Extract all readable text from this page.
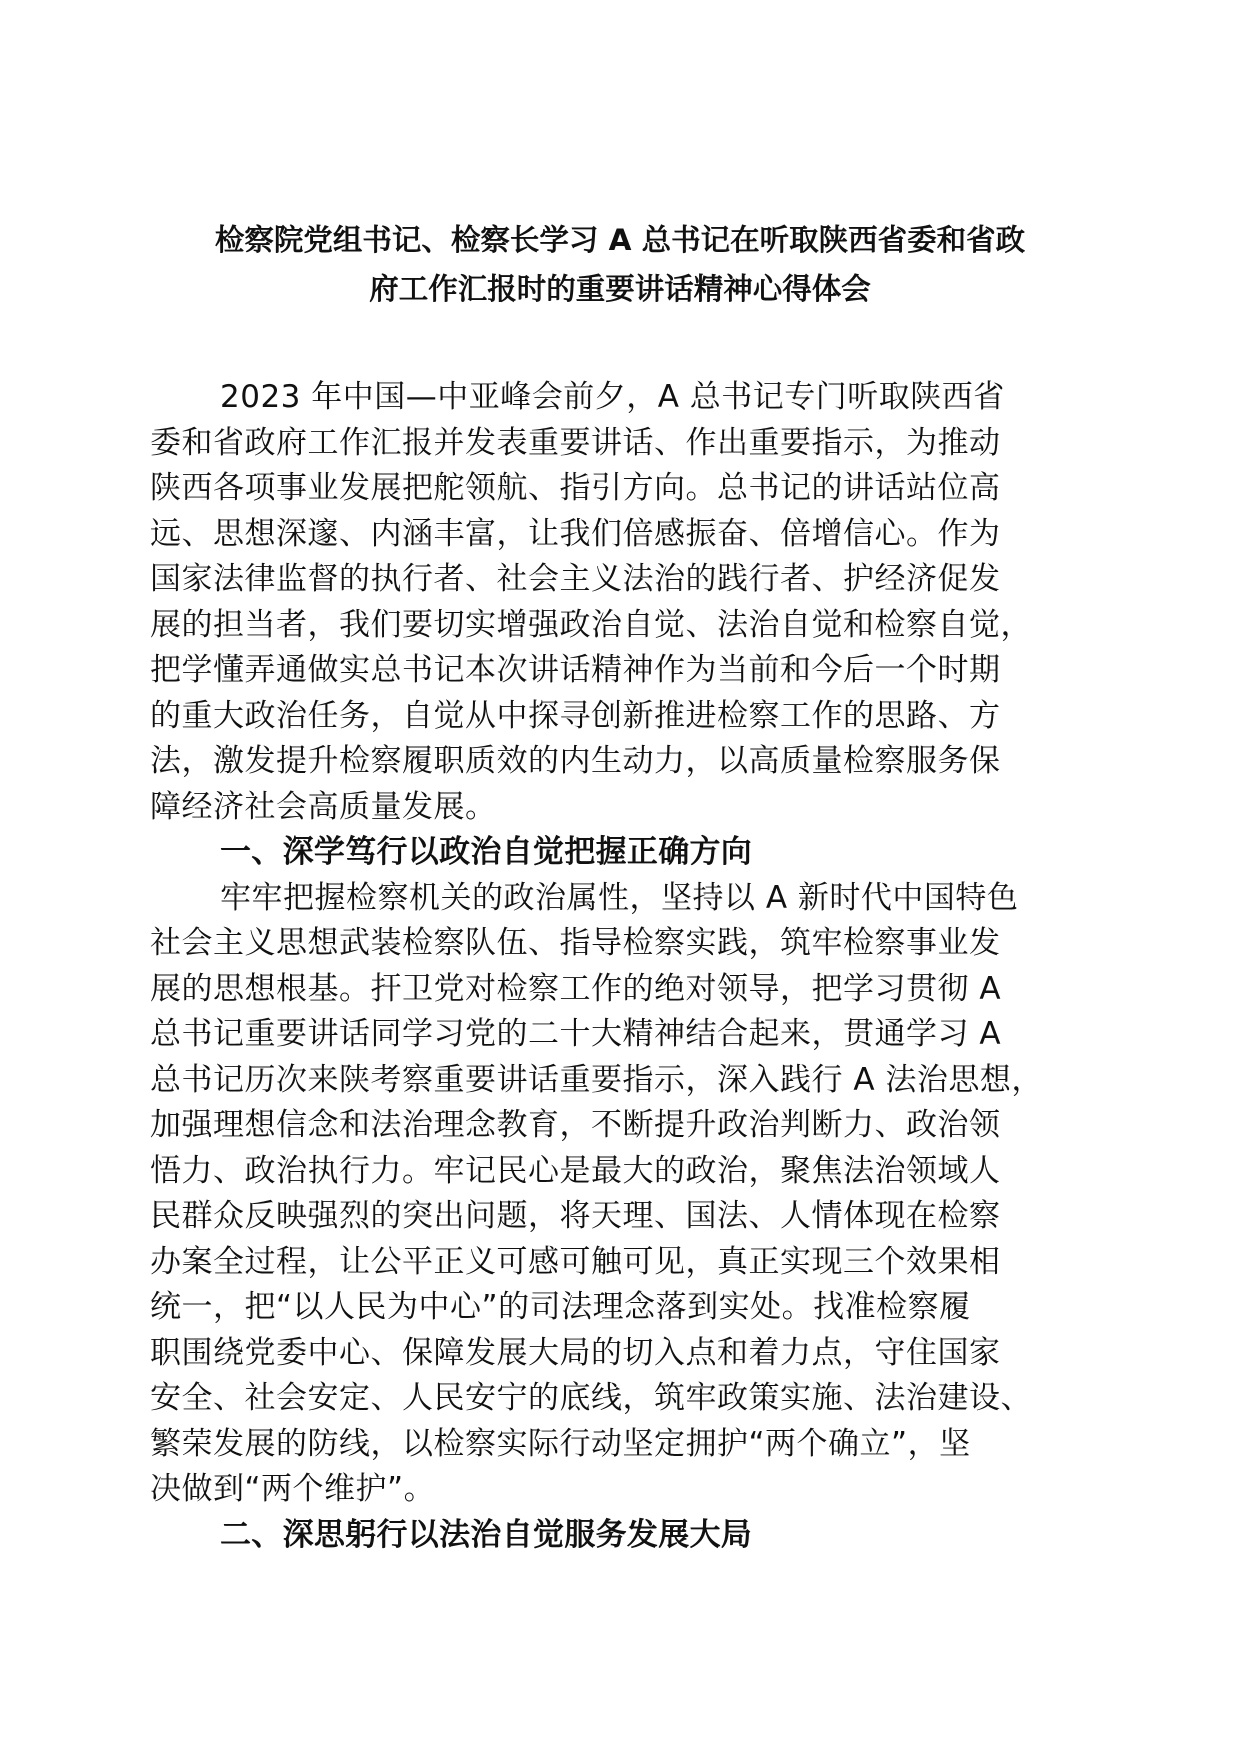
检察院党组书记、检察长学习 A 总书记在听取陕西省委和省政
府工作汇报时的重要讲话精神心得体会
2023 年中国—中亚峰会前夕，A 总书记专门听取陕西省
委和省政府工作汇报并发表重要讲话、作出重要指示，为推动
陕西各项事业发展把舵领航、指引方向。总书记的讲话站位高
远、思想深邃、内涵丰富，让我们倍感振奋、倍增信心。作为
国家法律监督的执行者、社会主义法治的践行者、护经济促发
展的担当者，我们要切实增强政治自觉、法治自觉和检察自觉，
把学懂弄通做实总书记本次讲话精神作为当前和今后一个时期
的重大政治任务，自觉从中探寻创新推进检察工作的思路、方
法，激发提升检察履职质效的内生动力，以高质量检察服务保
障经济社会高质量发展。
一、深学笃行以政治自觉把握正确方向
牢牢把握检察机关的政治属性，坚持以 A 新时代中国特色
社会主义思想武装检察队伍、指导检察实践，筑牢检察事业发
展的思想根基。扞卫党对检察工作的绝对领导，把学习贯彻 A
总书记重要讲话同学习党的二十大精神结合起来，贯通学习 A
总书记历次来陕考察重要讲话重要指示，深入践行 A 法治思想，
加强理想信念和法治理念教育，不断提升政治判断力、政治领
悟力、政治执行力。牢记民心是最大的政治，聚焦法治领域人
民群众反映强烈的突出问题，将天理、国法、人情体现在检察
办案全过程，让公平正义可感可触可见，真正实现三个效果相
统一，把“以人民为中心”的司法理念落到实处。找准检察履
职围绕党委中心、保障发展大局的切入点和着力点，守住国家
安全、社会安定、人民安宁的底线，筑牢政策实施、法治建设、
繁荣发展的防线，以检察实际行动坚定拥护“两个确立”，坚
决做到“两个维护”。
二、深思躬行以法治自觉服务发展大局
